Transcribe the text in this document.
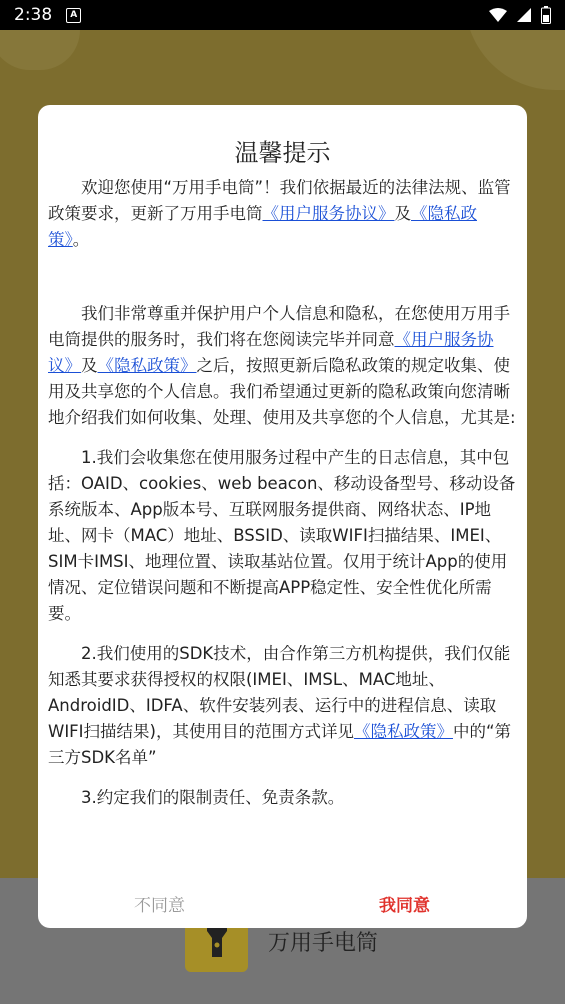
2:38	A
万用手电筒
温馨提示

欢迎您使用“万用手电筒”！我们依据最近的法律法规、监管政策要求，更新了万用手电筒《用户服务协议》及《隐私政策》。

我们非常尊重并保护用户个人信息和隐私，在您使用万用手电筒提供的服务时，我们将在您阅读完毕并同意《用户服务协议》及《隐私政策》之后，按照更新后隐私政策的规定收集、使用及共享您的个人信息。我们希望通过更新的隐私政策向您清晰地介绍我们如何收集、处理、使用及共享您的个人信息，尤其是:

1.我们会收集您在使用服务过程中产生的日志信息，其中包括：OAID、cookies、web beacon、移动设备型号、移动设备系统版本、App版本号、互联网服务提供商、网络状态、IP地址、网卡（MAC）地址、BSSID、读取WIFI扫描结果、IMEI、SIM卡IMSI、地理位置、读取基站位置。仅用于统计App的使用情况、定位错误问题和不断提高APP稳定性、安全性优化所需要。

2.我们使用的SDK技术，由合作第三方机构提供，我们仅能知悉其要求获得授权的权限(IMEI、IMSL、MAC地址、AndroidID、IDFA、软件安装列表、运行中的进程信息、读取WIFI扫描结果)，其使用目的范围方式详见《隐私政策》中的“第三方SDK名单”

3.约定我们的限制责任、免责条款。

不同意	我同意
